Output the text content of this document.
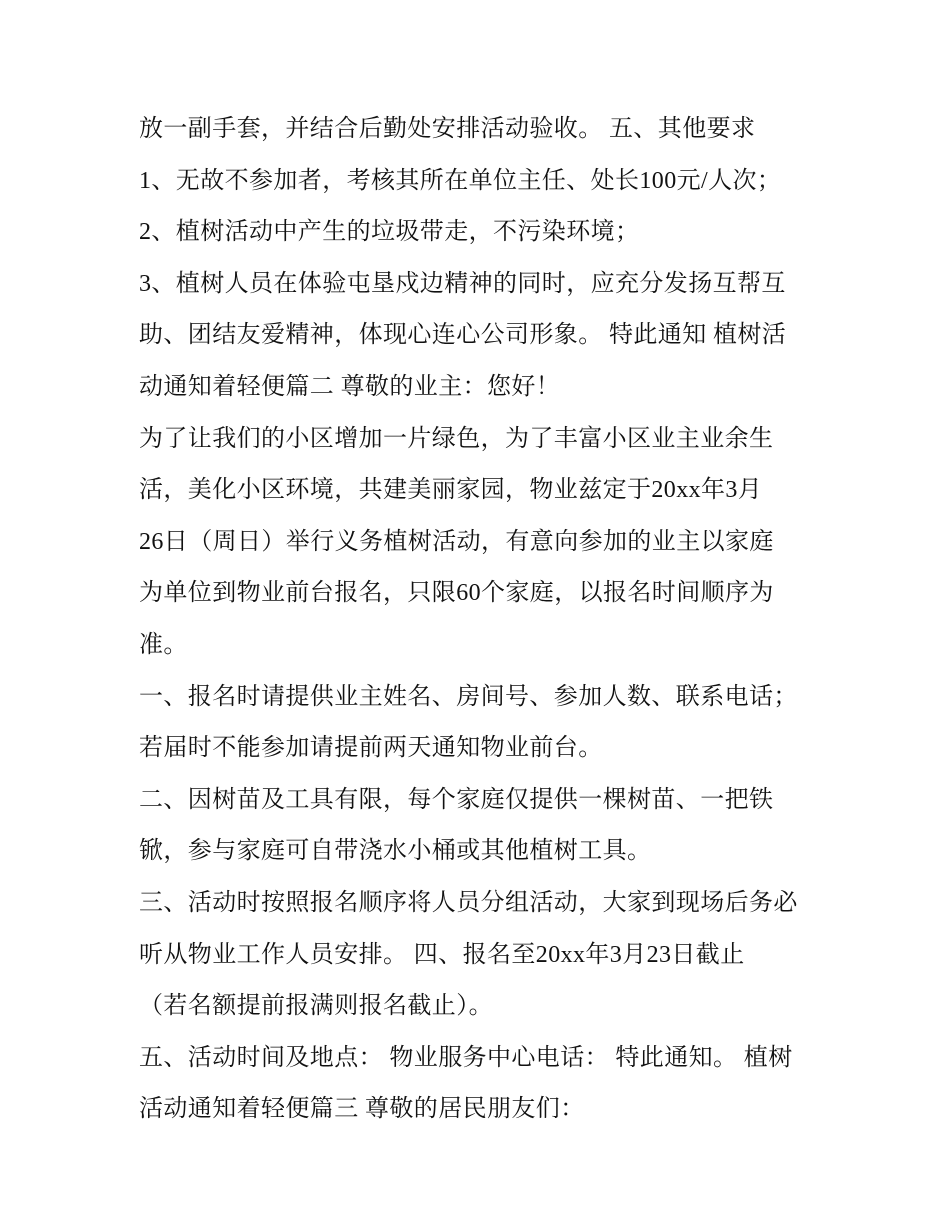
放一副手套，并结合后勤处安排活动验收。 五、其他要求
1、无故不参加者，考核其所在单位主任、处长100元/人次；
2、植树活动中产生的垃圾带走，不污染环境；
3、植树人员在体验屯垦戍边精神的同时，应充分发扬互帮互
助、团结友爱精神，体现心连心公司形象。 特此通知 植树活
动通知着轻便篇二 尊敬的业主：您好！
为了让我们的小区增加一片绿色，为了丰富小区业主业余生
活，美化小区环境，共建美丽家园，物业兹定于20xx年3月
26日（周日）举行义务植树活动，有意向参加的业主以家庭
为单位到物业前台报名，只限60个家庭，以报名时间顺序为
准。
一、报名时请提供业主姓名、房间号、参加人数、联系电话；
若届时不能参加请提前两天通知物业前台。
二、因树苗及工具有限，每个家庭仅提供一棵树苗、一把铁
锨，参与家庭可自带浇水小桶或其他植树工具。
三、活动时按照报名顺序将人员分组活动，大家到现场后务必
听从物业工作人员安排。 四、报名至20xx年3月23日截止
（若名额提前报满则报名截止）。
五、活动时间及地点： 物业服务中心电话： 特此通知。 植树
活动通知着轻便篇三 尊敬的居民朋友们：
